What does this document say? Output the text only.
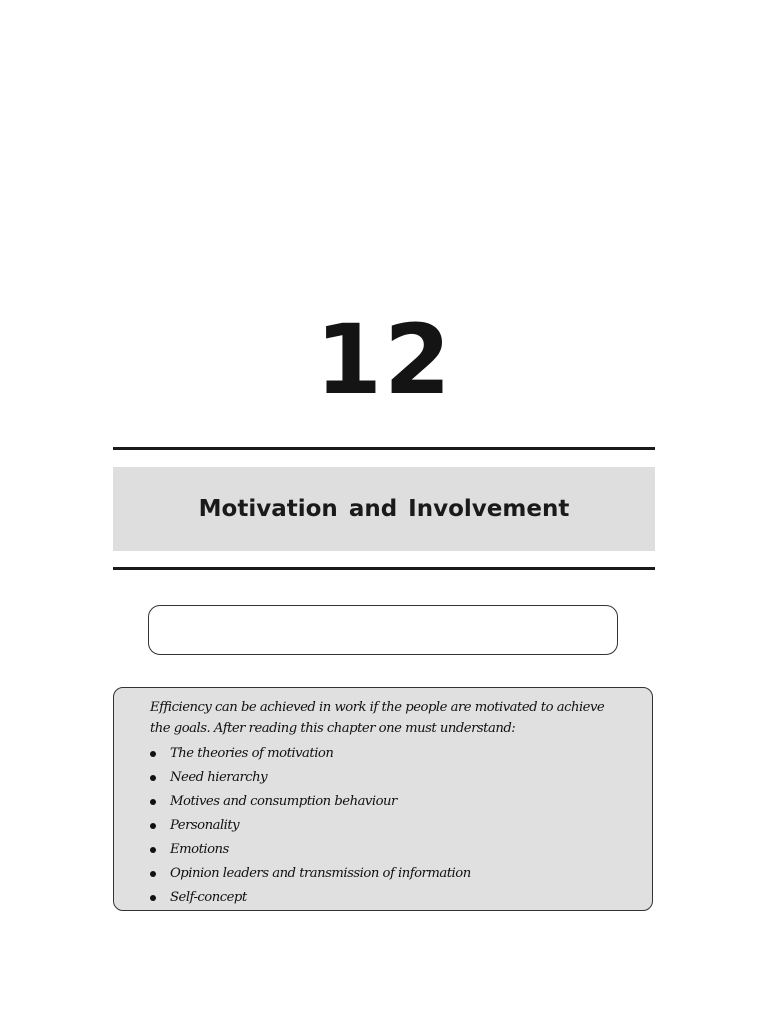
12
Motivation and Involvement

Efficiency can be achieved in work if the people are motivated to achieve the goals. After reading this chapter one must understand:

The theories of motivation
Need hierarchy
Motives and consumption behaviour
Personality
Emotions
Opinion leaders and transmission of information
Self-concept
